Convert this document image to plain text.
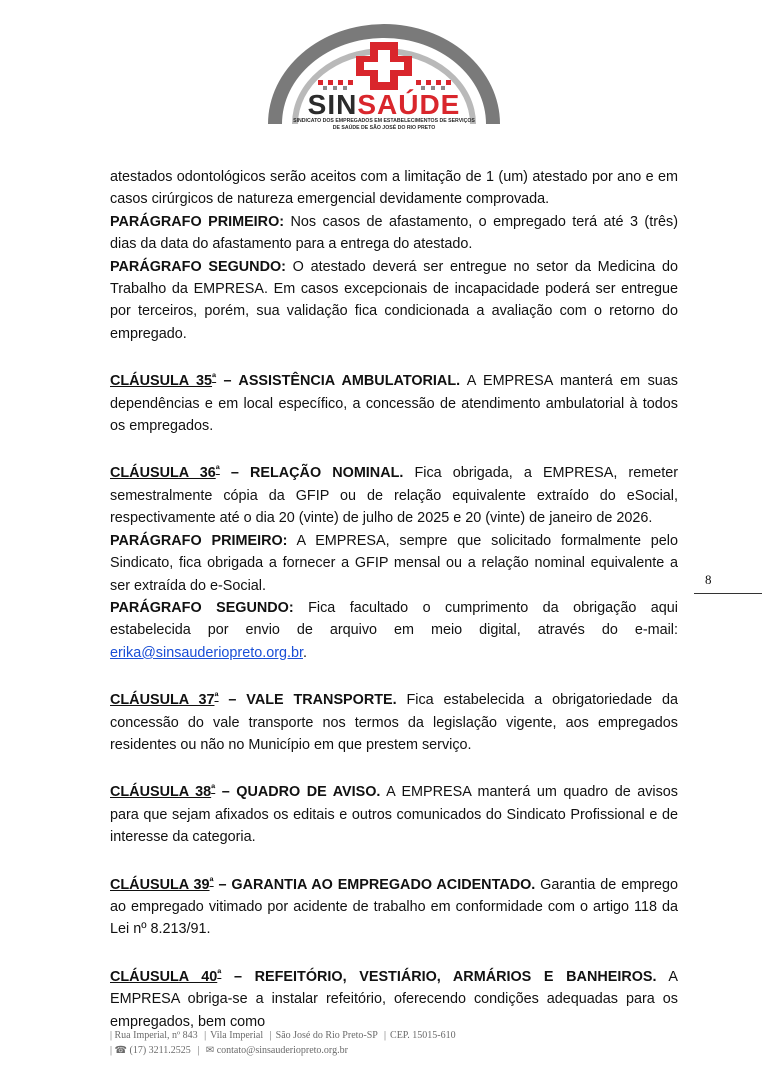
SINSAÚDE
SINDICATO DOS EMPREGADOS EM ESTABELECIMENTOS DE SERVIÇOS
DE SAÚDE DE SÃO JOSÉ DO RIO PRETO

atestados odontológicos serão aceitos com a limitação de 1 (um) atestado por ano e em casos cirúrgicos de natureza emergencial devidamente comprovada.

PARÁGRAFO PRIMEIRO: Nos casos de afastamento, o empregado terá até 3 (três) dias da data do afastamento para a entrega do atestado.

PARÁGRAFO SEGUNDO: O atestado deverá ser entregue no setor da Medicina do Trabalho da EMPRESA. Em casos excepcionais de incapacidade poderá ser entregue por terceiros, porém, sua validação fica condicionada a avaliação com o retorno do empregado.

CLÁUSULA $35^ª$ – ASSISTÊNCIA AMBULATORIAL. A EMPRESA manterá em suas dependências e em local específico, a concessão de atendimento ambulatorial à todos os empregados.

CLÁUSULA $36^ª$ – RELAÇÃO NOMINAL. Fica obrigada, a EMPRESA, remeter semestralmente cópia da GFIP ou de relação equivalente extraído do eSocial, respectivamente até o dia 20 (vinte) de julho de 2025 e 20 (vinte) de janeiro de 2026.

PARÁGRAFO PRIMEIRO: A EMPRESA, sempre que solicitado formalmente pelo Sindicato, fica obrigada a fornecer a GFIP mensal ou a relação nominal equivalente a ser extraída do e-Social.

PARÁGRAFO SEGUNDO: Fica facultado o cumprimento da obrigação aqui estabelecida por envio de arquivo em meio digital, através do e-mail: erika@sinsauderiopreto.org.br.

CLÁUSULA $37^ª$ – VALE TRANSPORTE. Fica estabelecida a obrigatoriedade da concessão do vale transporte nos termos da legislação vigente, aos empregados residentes ou não no Município em que prestem serviço.

CLÁUSULA $38^ª$ – QUADRO DE AVISO. A EMPRESA manterá um quadro de avisos para que sejam afixados os editais e outros comunicados do Sindicato Profissional e de interesse da categoria.

CLÁUSULA $39^ª$ – GARANTIA AO EMPREGADO ACIDENTADO. Garantia de emprego ao empregado vitimado por acidente de trabalho em conformidade com o artigo 118 da Lei nº 8.213/91.

CLÁUSULA $40^ª$ – REFEITÓRIO, VESTIÁRIO, ARMÁRIOS E BANHEIROS. A EMPRESA obriga-se a instalar refeitório, oferecendo condições adequadas para os empregados, bem como

8
| Rua Imperial, nº 843 | Vila Imperial | São José do Rio Preto-SP | CEP. 15015-610
| ☎ (17) 3211.2525 | ✉ contato@sinsauderiopreto.org.br
